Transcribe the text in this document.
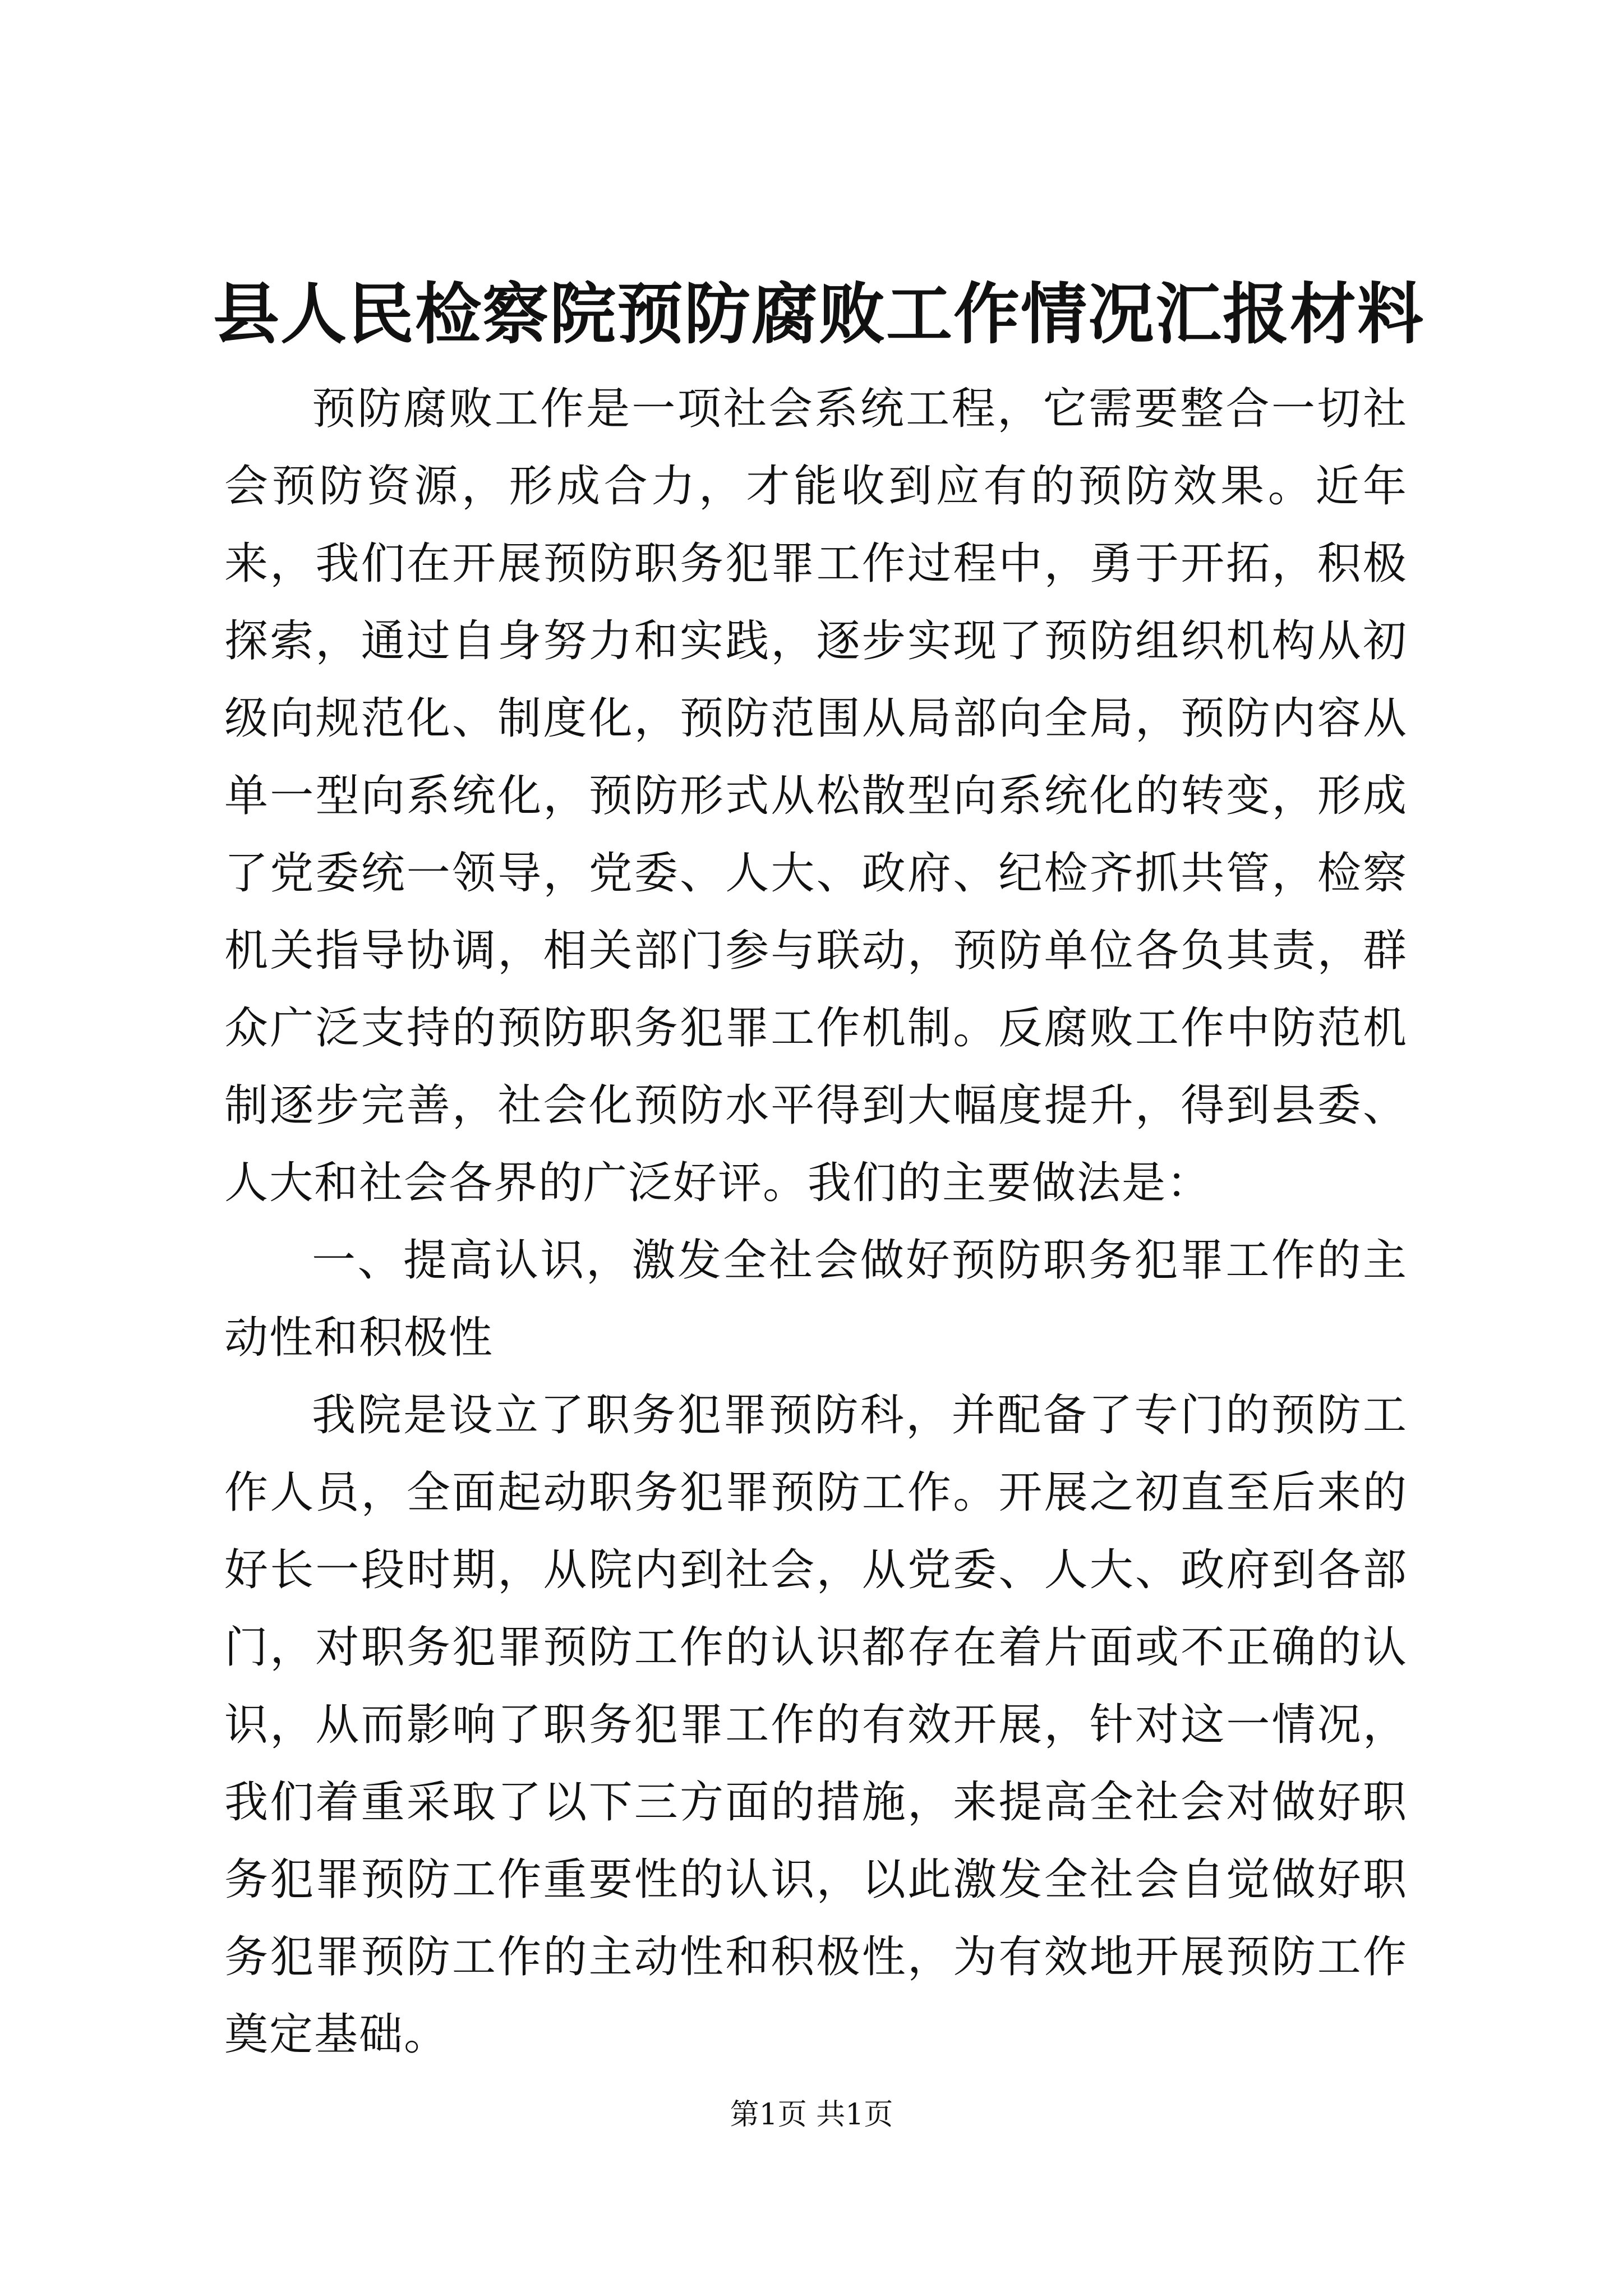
县人民检察院预防腐败工作情况汇报材料

预防腐败工作是一项社会系统工程，它需要整合一切社会预防资源，形成合力，才能收到应有的预防效果。近年来，我们在开展预防职务犯罪工作过程中，勇于开拓，积极探索，通过自身努力和实践，逐步实现了预防组织机构从初级向规范化、制度化，预防范围从局部向全局，预防内容从单一型向系统化，预防形式从松散型向系统化的转变，形成了党委统一领导，党委、人大、政府、纪检齐抓共管，检察机关指导协调，相关部门参与联动，预防单位各负其责，群众广泛支持的预防职务犯罪工作机制。反腐败工作中防范机制逐步完善，社会化预防水平得到大幅度提升，得到县委、人大和社会各界的广泛好评。我们的主要做法是：

一、提高认识，激发全社会做好预防职务犯罪工作的主动性和积极性

我院是设立了职务犯罪预防科，并配备了专门的预防工作人员，全面起动职务犯罪预防工作。开展之初直至后来的好长一段时期，从院内到社会，从党委、人大、政府到各部门，对职务犯罪预防工作的认识都存在着片面或不正确的认识，从而影响了职务犯罪工作的有效开展，针对这一情况，我们着重采取了以下三方面的措施，来提高全社会对做好职务犯罪预防工作重要性的认识，以此激发全社会自觉做好职务犯罪预防工作的主动性和积极性，为有效地开展预防工作奠定基础。

第1页 共1页
